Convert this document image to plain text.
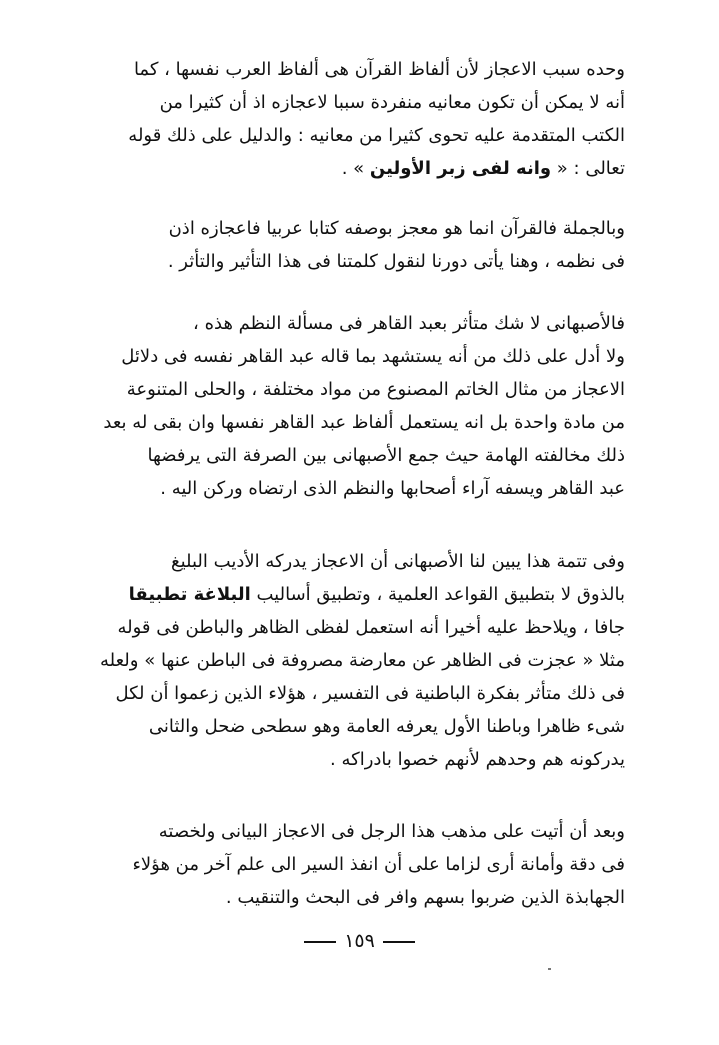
وحده سبب الاعجاز لأن ألفاظ القرآن هى ألفاظ العرب نفسها ، كما
أنه لا يمكن أن تكون معانيه منفردة سببا لاعجازه اذ أن كثيرا من
الكتب المتقدمة عليه تحوى كثيرا من معانيه : والدليل على ذلك قوله
تعالى : « وانه لفى زبر الأولين » .
وبالجملة فالقرآن انما هو معجز بوصفه كتابا عربيا فاعجازه اذن
فى نظمه ، وهنا يأتى دورنا لنقول كلمتنا فى هذا التأثير والتأثر .
فالأصبهانى لا شك متأثر بعبد القاهر فى مسألة النظم هذه ،
ولا أدل على ذلك من أنه يستشهد بما قاله عبد القاهر نفسه فى دلائل
الاعجاز من مثال الخاتم المصنوع من مواد مختلفة ، والحلى المتنوعة
من مادة واحدة بل انه يستعمل ألفاظ عبد القاهر نفسها وان بقى له بعد
ذلك مخالفته الهامة حيث جمع الأصبهانى بين الصرفة التى يرفضها
عبد القاهر ويسفه آراء أصحابها والنظم الذى ارتضاه وركن اليه .
وفى تتمة هذا يبين لنا الأصبهانى أن الاعجاز يدركه الأديب البليغ
بالذوق لا بتطبيق القواعد العلمية ، وتطبيق أساليب البلاغة تطبيقا
جافا ، ويلاحظ عليه أخيرا أنه استعمل لفظى الظاهر والباطن فى قوله
مثلا « عجزت فى الظاهر عن معارضة مصروفة فى الباطن عنها » ولعله
فى ذلك متأثر بفكرة الباطنية فى التفسير ، هؤلاء الذين زعموا أن لكل
شىء ظاهرا وباطنا الأول يعرفه العامة وهو سطحى ضحل والثانى
يدركونه هم وحدهم لأنهم خصوا بادراكه .
وبعد أن أتيت على مذهب هذا الرجل فى الاعجاز البيانى ولخصته
فى دقة وأمانة أرى لزاما على أن انفذ السير الى علم آخر من هؤلاء
الجهابذة الذين ضربوا بسهم وافر فى البحث والتنقيب .
١٥٩
